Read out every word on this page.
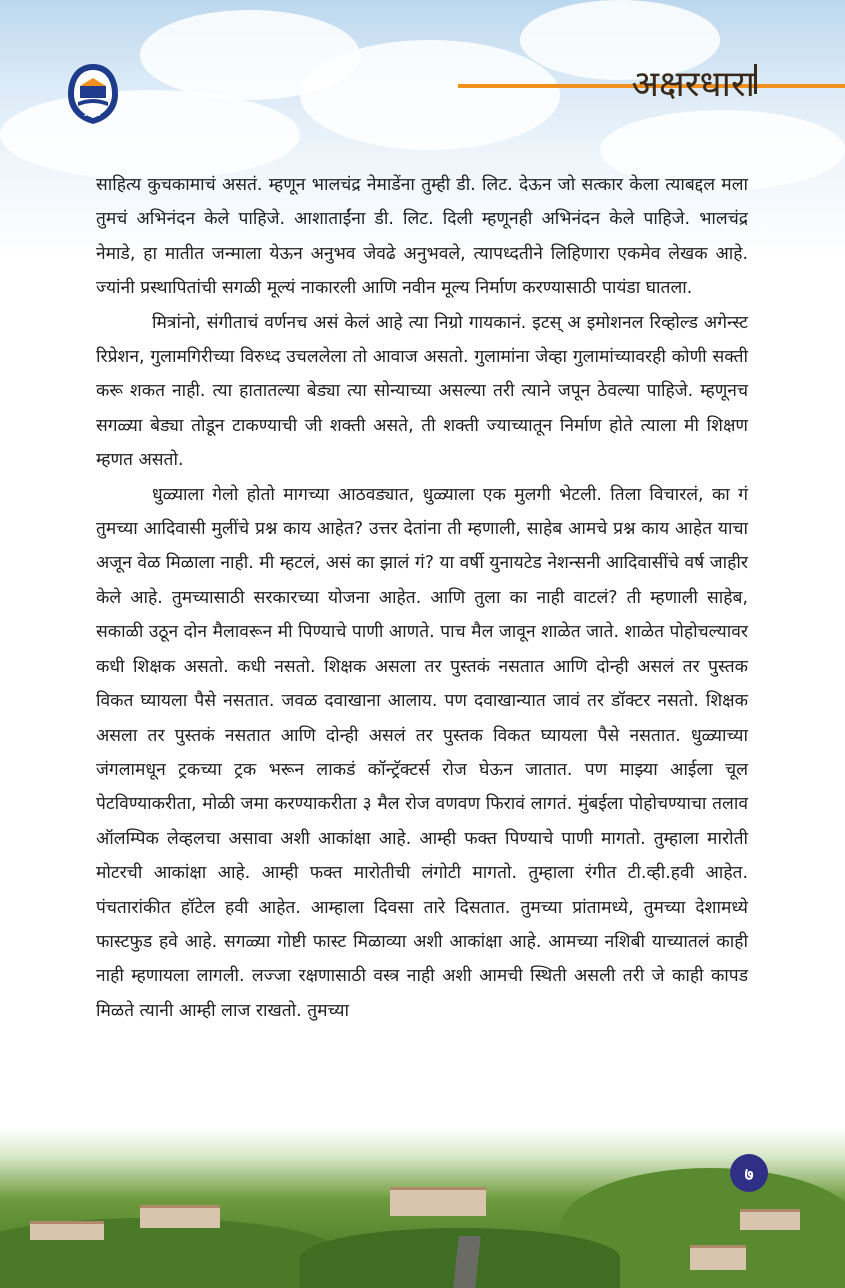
1990
अक्षरधारा

साहित्य कुचकामाचं असतं. म्हणून भालचंद्र नेमाडेंना तुम्ही डी. लिट. देऊन जो सत्कार केला त्याबद्दल मला तुमचं अभिनंदन केले पाहिजे. आशाताईंना डी. लिट. दिली म्हणूनही अभिनंदन केले पाहिजे. भालचंद्र नेमाडे, हा मातीत जन्माला येऊन अनुभव जेवढे अनुभवले, त्यापध्दतीने लिहिणारा एकमेव लेखक आहे. ज्यांनी प्रस्थापितांची सगळी मूल्यं नाकारली आणि नवीन मूल्य निर्माण करण्यासाठी पायंडा घातला.

मित्रांनो, संगीताचं वर्णनच असं केलं आहे त्या निग्रो गायकानं. इटस् अ इमोशनल रिव्होल्ड अगेन्स्ट रिप्रेशन, गुलामगिरीच्या विरुध्द उचललेला तो आवाज असतो. गुलामांना जेव्हा गुलामांच्यावरही कोणी सक्ती करू शकत नाही. त्या हातातल्या बेड्या त्या सोन्याच्या असल्या तरी त्याने जपून ठेवल्या पाहिजे. म्हणूनच सगळ्या बेड्या तोडून टाकण्याची जी शक्ती असते, ती शक्ती ज्याच्यातून निर्माण होते त्याला मी शिक्षण म्हणत असतो.

धुळ्याला गेलो होतो मागच्या आठवड्यात, धुळ्याला एक मुलगी भेटली. तिला विचारलं, का गं तुमच्या आदिवासी मुलींचे प्रश्न काय आहेत? उत्तर देतांना ती म्हणाली, साहेब आमचे प्रश्न काय आहेत याचा अजून वेळ मिळाला नाही. मी म्हटलं, असं का झालं गं? या वर्षी युनायटेड नेशन्सनी आदिवासींचे वर्ष जाहीर केले आहे. तुमच्यासाठी सरकारच्या योजना आहेत. आणि तुला का नाही वाटलं? ती म्हणाली साहेब, सकाळी उठून दोन मैलावरून मी पिण्याचे पाणी आणते. पाच मैल जावून शाळेत जाते. शाळेत पोहोचल्यावर कधी शिक्षक असतो. कधी नसतो. शिक्षक असला तर पुस्तकं नसतात आणि दोन्ही असलं तर पुस्तक विकत घ्यायला पैसे नसतात. जवळ दवाखाना आलाय. पण दवाखान्यात जावं तर डॉक्टर नसतो. शिक्षक असला तर पुस्तकं नसतात आणि दोन्ही असलं तर पुस्तक विकत घ्यायला पैसे नसतात. धुळ्याच्या जंगलामधून ट्रकच्या ट्रक भरून लाकडं कॉन्ट्रॅक्टर्स रोज घेऊन जातात. पण माझ्या आईला चूल पेटविण्याकरीता, मोळी जमा करण्याकरीता ३ मैल रोज वणवण फिरावं लागतं. मुंबईला पोहोचण्याचा तलाव ऑलम्पिक लेव्हलचा असावा अशी आकांक्षा आहे. आम्ही फक्त पिण्याचे पाणी मागतो. तुम्हाला मारोती मोटरची आकांक्षा आहे. आम्ही फक्त मारोतीची लंगोटी मागतो. तुम्हाला रंगीत टी.व्ही.हवी आहेत. पंचतारांकीत हॉटेल हवी आहेत. आम्हाला दिवसा तारे दिसतात. तुमच्या प्रांतामध्ये, तुमच्या देशामध्ये फास्टफुड हवे आहे. सगळ्या गोष्टी फास्ट मिळाव्या अशी आकांक्षा आहे. आमच्या नशिबी याच्यातलं काही नाही म्हणायला लागली. लज्जा रक्षणासाठी वस्त्र नाही अशी आमची स्थिती असली तरी जे काही कापड मिळते त्यानी आम्ही लाज राखतो. तुमच्या

७
